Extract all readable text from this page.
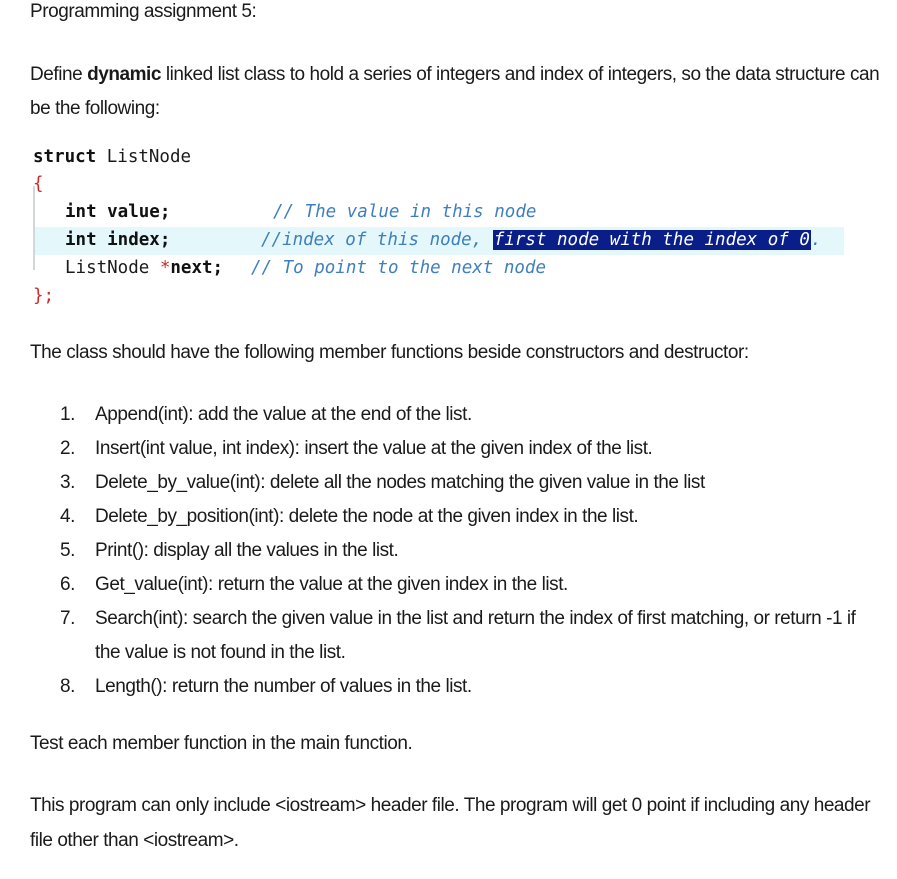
Programming assignment 5:
Define dynamic linked list class to hold a series of integers and index of integers, so the data structure can be the following:
struct ListNode
{
int value;	// The value in this node
int index;	//index of this node, first node with the index of 0.
ListNode *next; // To point to the next node
};
The class should have the following member functions beside constructors and destructor:
1. Append(int): add the value at the end of the list.
2. Insert(int value, int index): insert the value at the given index of the list.
3. Delete_by_value(int): delete all the nodes matching the given value in the list
4. Delete_by_position(int): delete the node at the given index in the list.
5. Print(): display all the values in the list.
6. Get_value(int): return the value at the given index in the list.
7. Search(int): search the given value in the list and return the index of first matching, or return -1 if the value is not found in the list.
8. Length(): return the number of values in the list.
Test each member function in the main function.
This program can only include <iostream> header file. The program will get 0 point if including any header file other than <iostream>.
